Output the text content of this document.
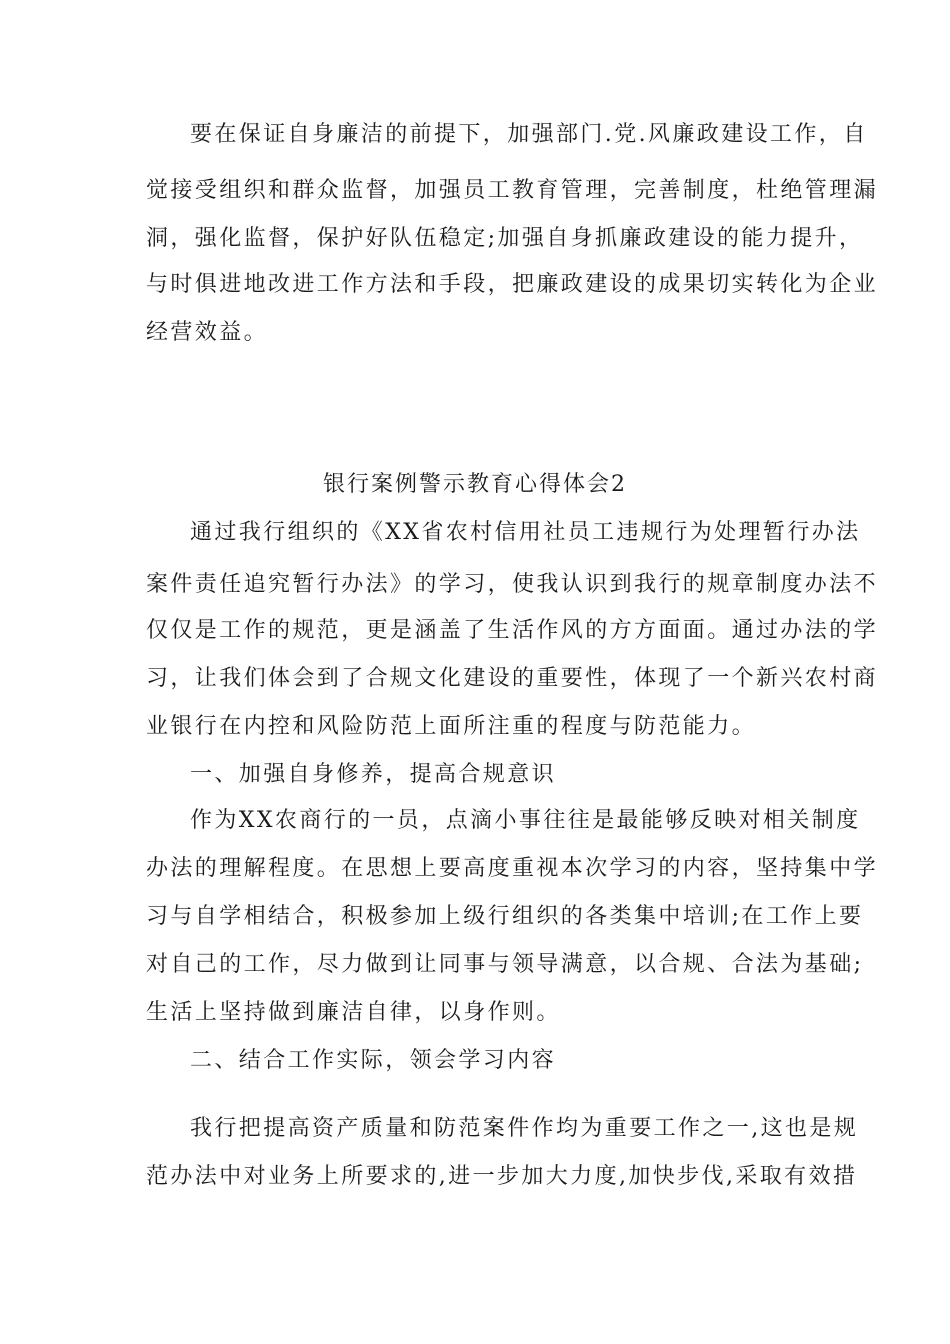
要在保证自身廉洁的前提下，加强部门.党.风廉政建设工作，自
觉接受组织和群众监督，加强员工教育管理，完善制度，杜绝管理漏
洞，强化监督，保护好队伍稳定;加强自身抓廉政建设的能力提升，
与时俱进地改进工作方法和手段，把廉政建设的成果切实转化为企业
经营效益。
银行案例警示教育心得体会2
通过我行组织的《XX省农村信用社员工违规行为处理暂行办法
案件责任追究暂行办法》的学习，使我认识到我行的规章制度办法不
仅仅是工作的规范，更是涵盖了生活作风的方方面面。通过办法的学
习，让我们体会到了合规文化建设的重要性，体现了一个新兴农村商
业银行在内控和风险防范上面所注重的程度与防范能力。
一、加强自身修养，提高合规意识
作为XX农商行的一员，点滴小事往往是最能够反映对相关制度
办法的理解程度。在思想上要高度重视本次学习的内容，坚持集中学
习与自学相结合，积极参加上级行组织的各类集中培训;在工作上要
对自己的工作，尽力做到让同事与领导满意，以合规、合法为基础;
生活上坚持做到廉洁自律，以身作则。
二、结合工作实际，领会学习内容
我行把提高资产质量和防范案件作均为重要工作之一,这也是规
范办法中对业务上所要求的,进一步加大力度,加快步伐,采取有效措
